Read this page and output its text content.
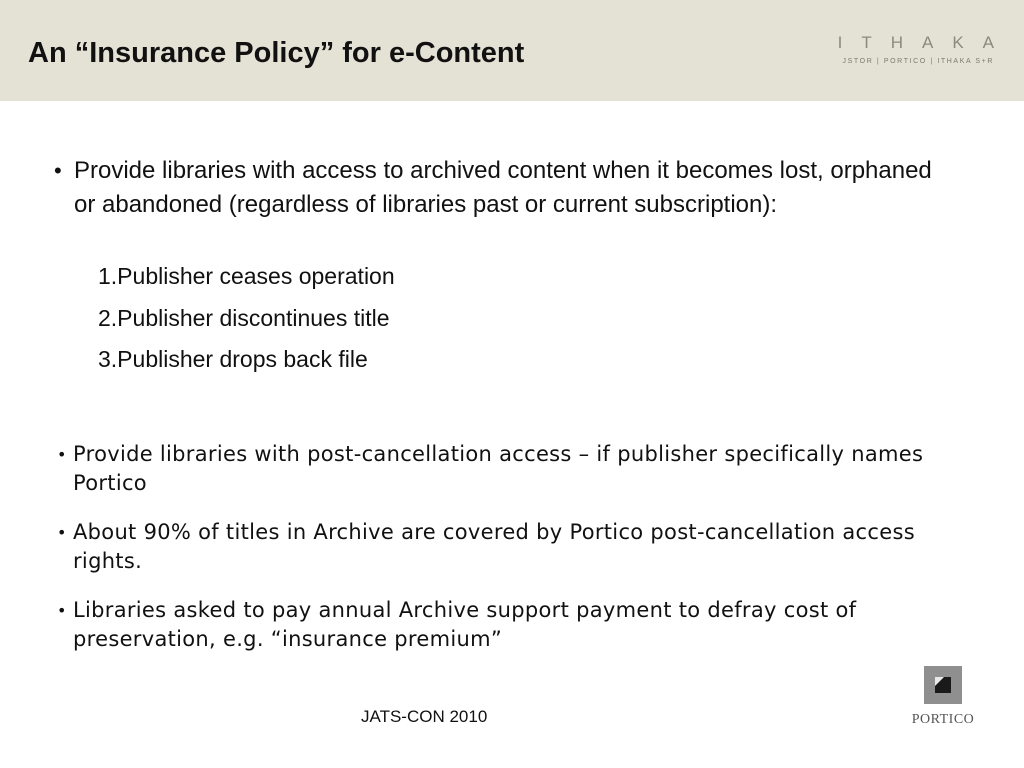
An “Insurance Policy” for e-Content	ITHAKA
JSTOR | PORTICO | ITHAKA S+R
• Provide libraries with access to archived content when it becomes lost, orphaned or abandoned (regardless of libraries past or current subscription):
1.Publisher ceases operation
2.Publisher discontinues title
3.Publisher drops back file
• Provide libraries with post-cancellation access – if publisher specifically names Portico
• About 90% of titles in Archive are covered by Portico post-cancellation access rights.
• Libraries asked to pay annual Archive support payment to defray cost of preservation, e.g. “insurance premium”
JATS-CON 2010	PORTICO
